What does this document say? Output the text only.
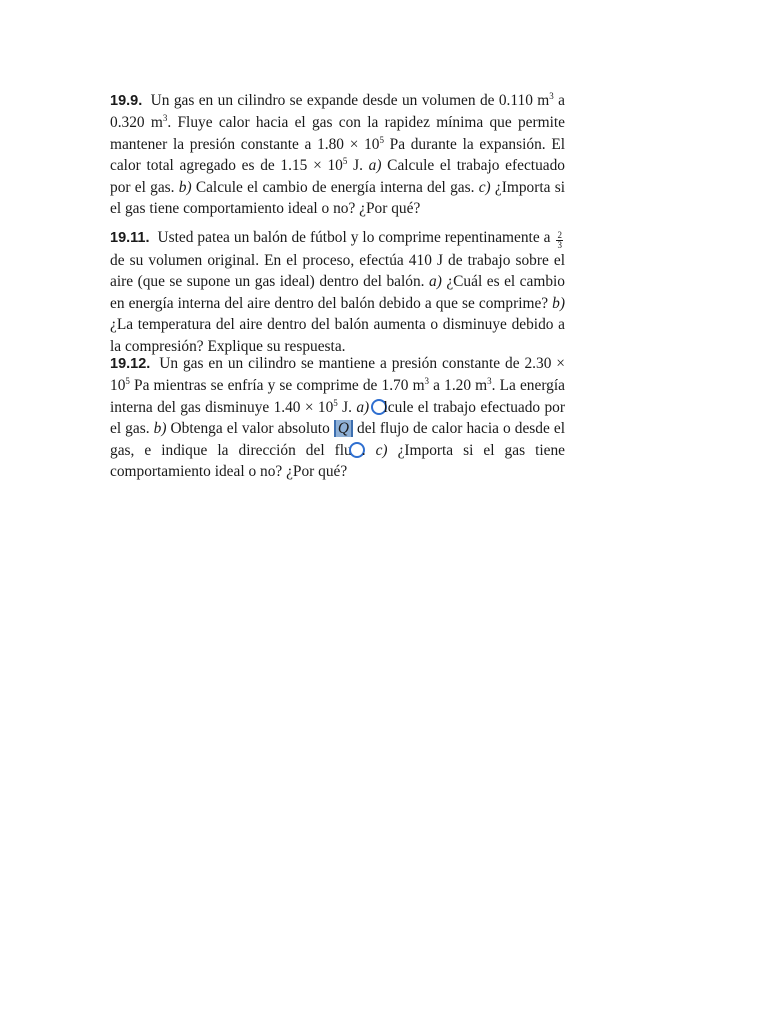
19.9. Un gas en un cilindro se expande desde un volumen de 0.110 $m^3$ a 0.320 $m^3$. Fluye calor hacia el gas con la rapidez mínima que permite mantener la presión constante a $1.80 \times 10^5$ Pa durante la expansión. El calor total agregado es de $1.15 \times 10^5$ J. a) Calcule el trabajo efectuado por el gas. b) Calcule el cambio de energía interna del gas. c) ¿Importa si el gas tiene comportamiento ideal o no? ¿Por qué?
19.11. Usted patea un balón de fútbol y lo comprime repentinamente a $\frac{2}{3}$
de su volumen original. En el proceso, efectúa 410 J de trabajo sobre el aire (que se supone un gas ideal) dentro del balón. a) ¿Cuál es el cambio en energía interna del aire dentro del balón debido a que se comprime? b) ¿La temperatura del aire dentro del balón aumenta o disminuye debido a la compresión? Explique su respuesta.
19.12. Un gas en un cilindro se mantiene a presión constante de $2.30 \times 10^5$ Pa mientras se enfría y se comprime de 1.70 $m^3$ a 1.20 $m^3$. La energía interna del gas disminuye $1.40 \times 10^5$ J. a) lcule el trabajo efectuado por el gas. b) Obtenga el valor absoluto Q del flujo de calor hacia o desde el gas, e indique la dirección del flu . c) ¿Importa si el gas tiene comportamiento ideal o no? ¿Por qué?
